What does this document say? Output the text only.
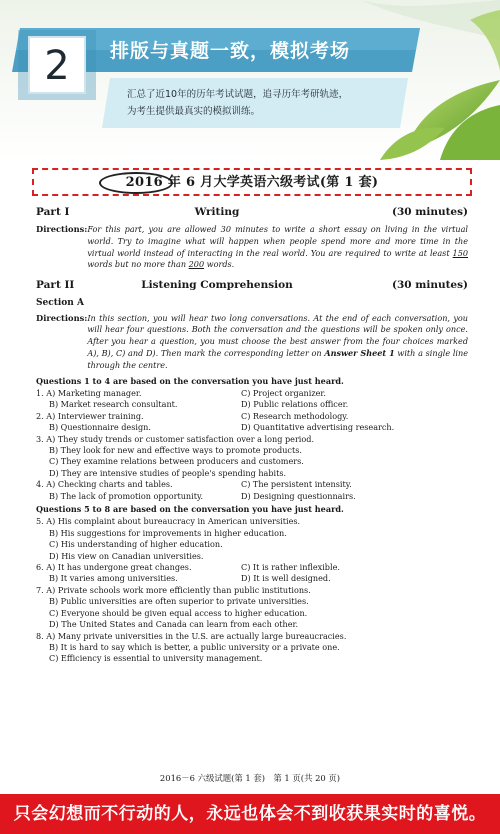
2	排版与真题一致，模拟考场
汇总了近10年的历年考试试题，追寻历年考研轨迹，
为考生提供最真实的模拟训练。
2016 年 6 月大学英语六级考试(第 1 套)
Part I	Writing	(30 minutes)
Directions: For this part, you are allowed 30 minutes to write a short essay on living in the virtual world. Try to imagine what will happen when people spend more and more time in the virtual world instead of interacting in the real world. You are required to write at least 150 words but no more than 200 words.
Part II	Listening Comprehension	(30 minutes)
Section A
Directions: In this section, you will hear two long conversations. At the end of each conversation, you will hear four questions. Both the conversation and the questions will be spoken only once. After you hear a question, you must choose the best answer from the four choices marked A), B), C) and D). Then mark the corresponding letter on Answer Sheet 1 with a single line through the centre.
Questions 1 to 4 are based on the conversation you have just heard.
1. A) Marketing manager.	C) Project organizer.
B) Market research consultant.	D) Public relations officer.
2. A) Interviewer training.	C) Research methodology.
B) Questionnaire design.	D) Quantitative advertising research.
3. A) They study trends or customer satisfaction over a long period.
B) They look for new and effective ways to promote products.
C) They examine relations between producers and customers.
D) They are intensive studies of people's spending habits.
4. A) Checking charts and tables.	C) The persistent intensity.
B) The lack of promotion opportunity.	D) Designing questionnairs.
Questions 5 to 8 are based on the conversation you have just heard.
5. A) His complaint about bureaucracy in American universities.
B) His suggestions for improvements in higher education.
C) His understanding of higher education.
D) His view on Canadian universities.
6. A) It has undergone great changes.	C) It is rather inflexible.
B) It varies among universities.	D) It is well designed.
7. A) Private schools work more efficiently than public institutions.
B) Public universities are often superior to private universities.
C) Everyone should be given equal access to higher education.
D) The United States and Canada can learn from each other.
8. A) Many private universities in the U.S. are actually large bureaucracies.
B) It is hard to say which is better, a public university or a private one.
C) Efficiency is essential to university management.
2016－6 六级试题(第 1 套)　第 1 页(共 20 页)
只会幻想而不行动的人，永远也体会不到收获果实时的喜悦。
